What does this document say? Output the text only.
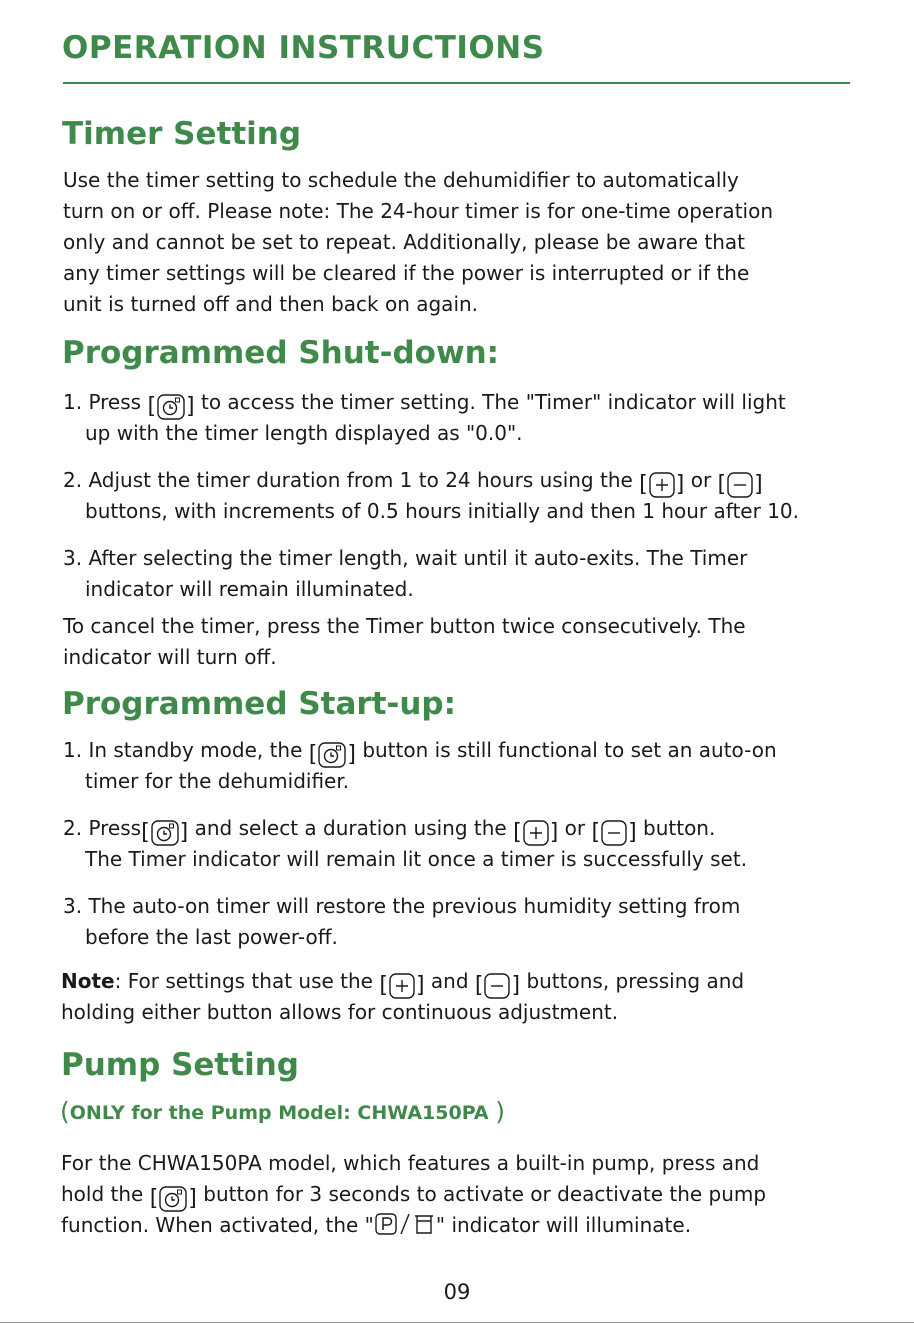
OPERATION INSTRUCTIONS
Timer Setting
Use the timer setting to schedule the dehumidifier to automatically
turn on or off. Please note: The 24-hour timer is for one-time operation
only and cannot be set to repeat. Additionally, please be aware that
any timer settings will be cleared if the power is interrupted or if the
unit is turned off and then back on again.
Programmed Shut-down:
1. Press [ ] to access the timer setting. The "Timer" indicator will light
up with the timer length displayed as "0.0".
2. Adjust the timer duration from 1 to 24 hours using the [ ] or [ ]
buttons, with increments of 0.5 hours initially and then 1 hour after 10.
3. After selecting the timer length, wait until it auto-exits. The Timer
indicator will remain illuminated.
To cancel the timer, press the Timer button twice consecutively. The
indicator will turn off.
Programmed Start-up:
1. In standby mode, the [ ] button is still functional to set an auto-on
timer for the dehumidifier.
2. Press [ ] and select a duration using the [ ] or [ ] button.
The Timer indicator will remain lit once a timer is successfully set.
3. The auto-on timer will restore the previous humidity setting from
before the last power-off.
Note: For settings that use the [ ] and [ ] buttons, pressing and
holding either button allows for continuous adjustment.
Pump Setting

(ONLY for the Pump Model: CHWA150PA )

For the CHWA150PA model, which features a built-in pump, press and
hold the [ ] button for 3 seconds to activate or deactivate the pump
function. When activated, the "	" indicator will illuminate.

09
